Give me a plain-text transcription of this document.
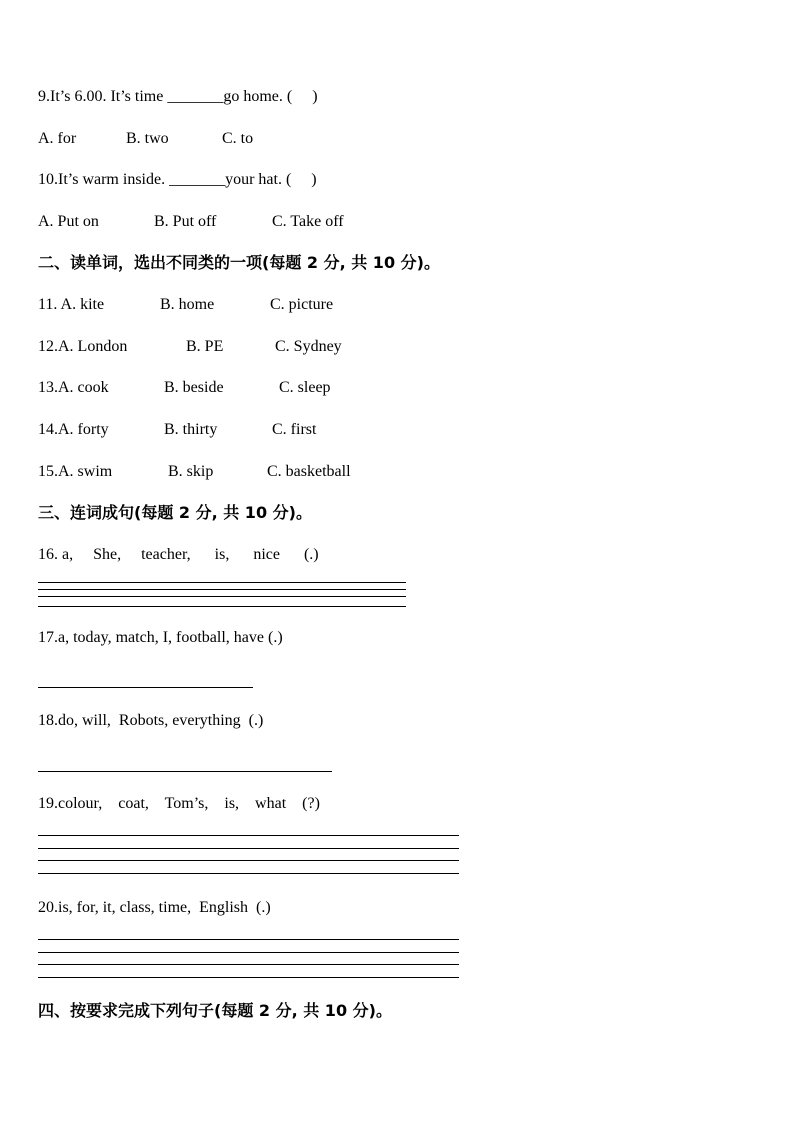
9.It’s 6.00. It’s time _______go home. (     )
A. for	B. two	C. to
10.It’s warm inside. _______your hat. (     )
A. Put on	B. Put off	C. Take off
二、读单词，选出不同类的一项(每题 2 分, 共 10 分)。
11. A. kite	B. home	C. picture
12.A. London	B. PE	C. Sydney
13.A. cook	B. beside	C. sleep
14.A. forty	B. thirty	C. first
15.A. swim	B. skip	C. basketball
三、连词成句(每题 2 分, 共 10 分)。
16. a,     She,     teacher,      is,      nice      (.)
17.a, today, match, I, football, have (.)
18.do, will,  Robots, everything  (.)
19.colour,    coat,    Tom’s,    is,    what    (?)
20.is, for, it, class, time,  English  (.)
四、按要求完成下列句子(每题 2 分, 共 10 分)。
